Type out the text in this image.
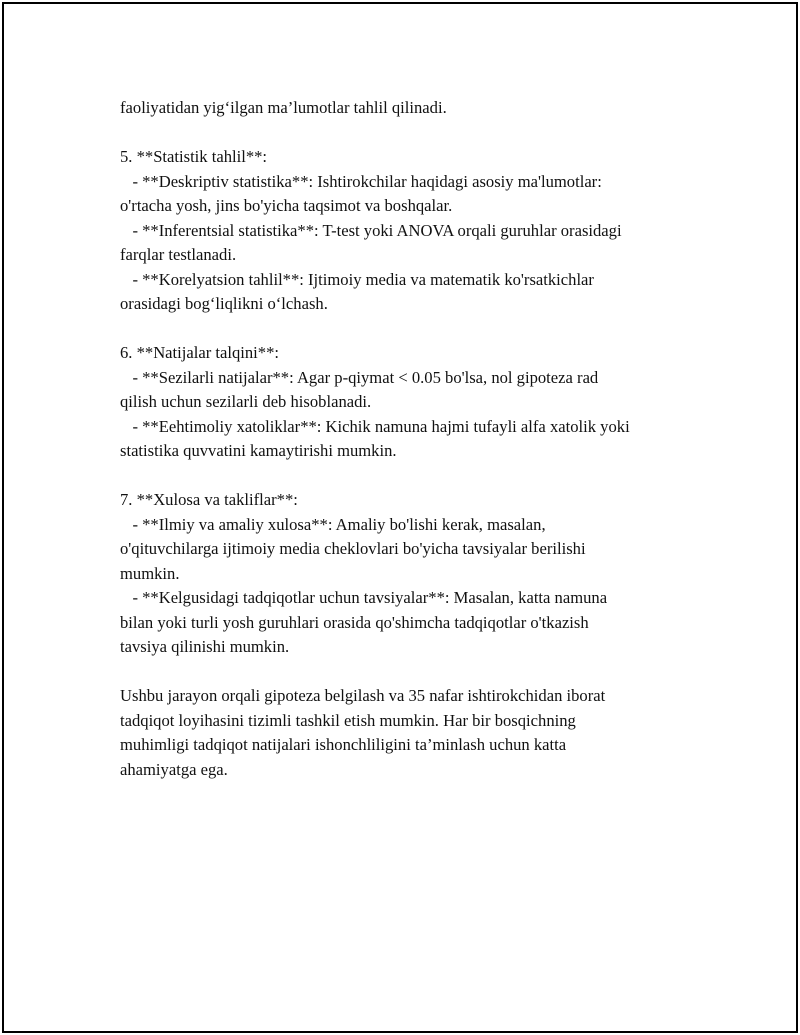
faoliyatidan yig‘ilgan ma’lumotlar tahlil qilinadi.
5. **Statistik tahlil**:
- **Deskriptiv statistika**: Ishtirokchilar haqidagi asosiy ma'lumotlar:
o'rtacha yosh, jins bo'yicha taqsimot va boshqalar.
- **Inferentsial statistika**: T-test yoki ANOVA orqali guruhlar orasidagi
farqlar testlanadi.
- **Korelyatsion tahlil**: Ijtimoiy media va matematik ko'rsatkichlar
orasidagi bog‘liqlikni o‘lchash.
6. **Natijalar talqini**:
- **Sezilarli natijalar**: Agar p-qiymat < 0.05 bo'lsa, nol gipoteza rad
qilish uchun sezilarli deb hisoblanadi.
- **Eehtimoliy xatoliklar**: Kichik namuna hajmi tufayli alfa xatolik yoki
statistika quvvatini kamaytirishi mumkin.
7. **Xulosa va takliflar**:
- **Ilmiy va amaliy xulosa**: Amaliy bo'lishi kerak, masalan,
o'qituvchilarga ijtimoiy media cheklovlari bo'yicha tavsiyalar berilishi
mumkin.
- **Kelgusidagi tadqiqotlar uchun tavsiyalar**: Masalan, katta namuna
bilan yoki turli yosh guruhlari orasida qo'shimcha tadqiqotlar o'tkazish
tavsiya qilinishi mumkin.
Ushbu jarayon orqali gipoteza belgilash va 35 nafar ishtirokchidan iborat
tadqiqot loyihasini tizimli tashkil etish mumkin. Har bir bosqichning
muhimligi tadqiqot natijalari ishonchliligini ta’minlash uchun katta
ahamiyatga ega.
